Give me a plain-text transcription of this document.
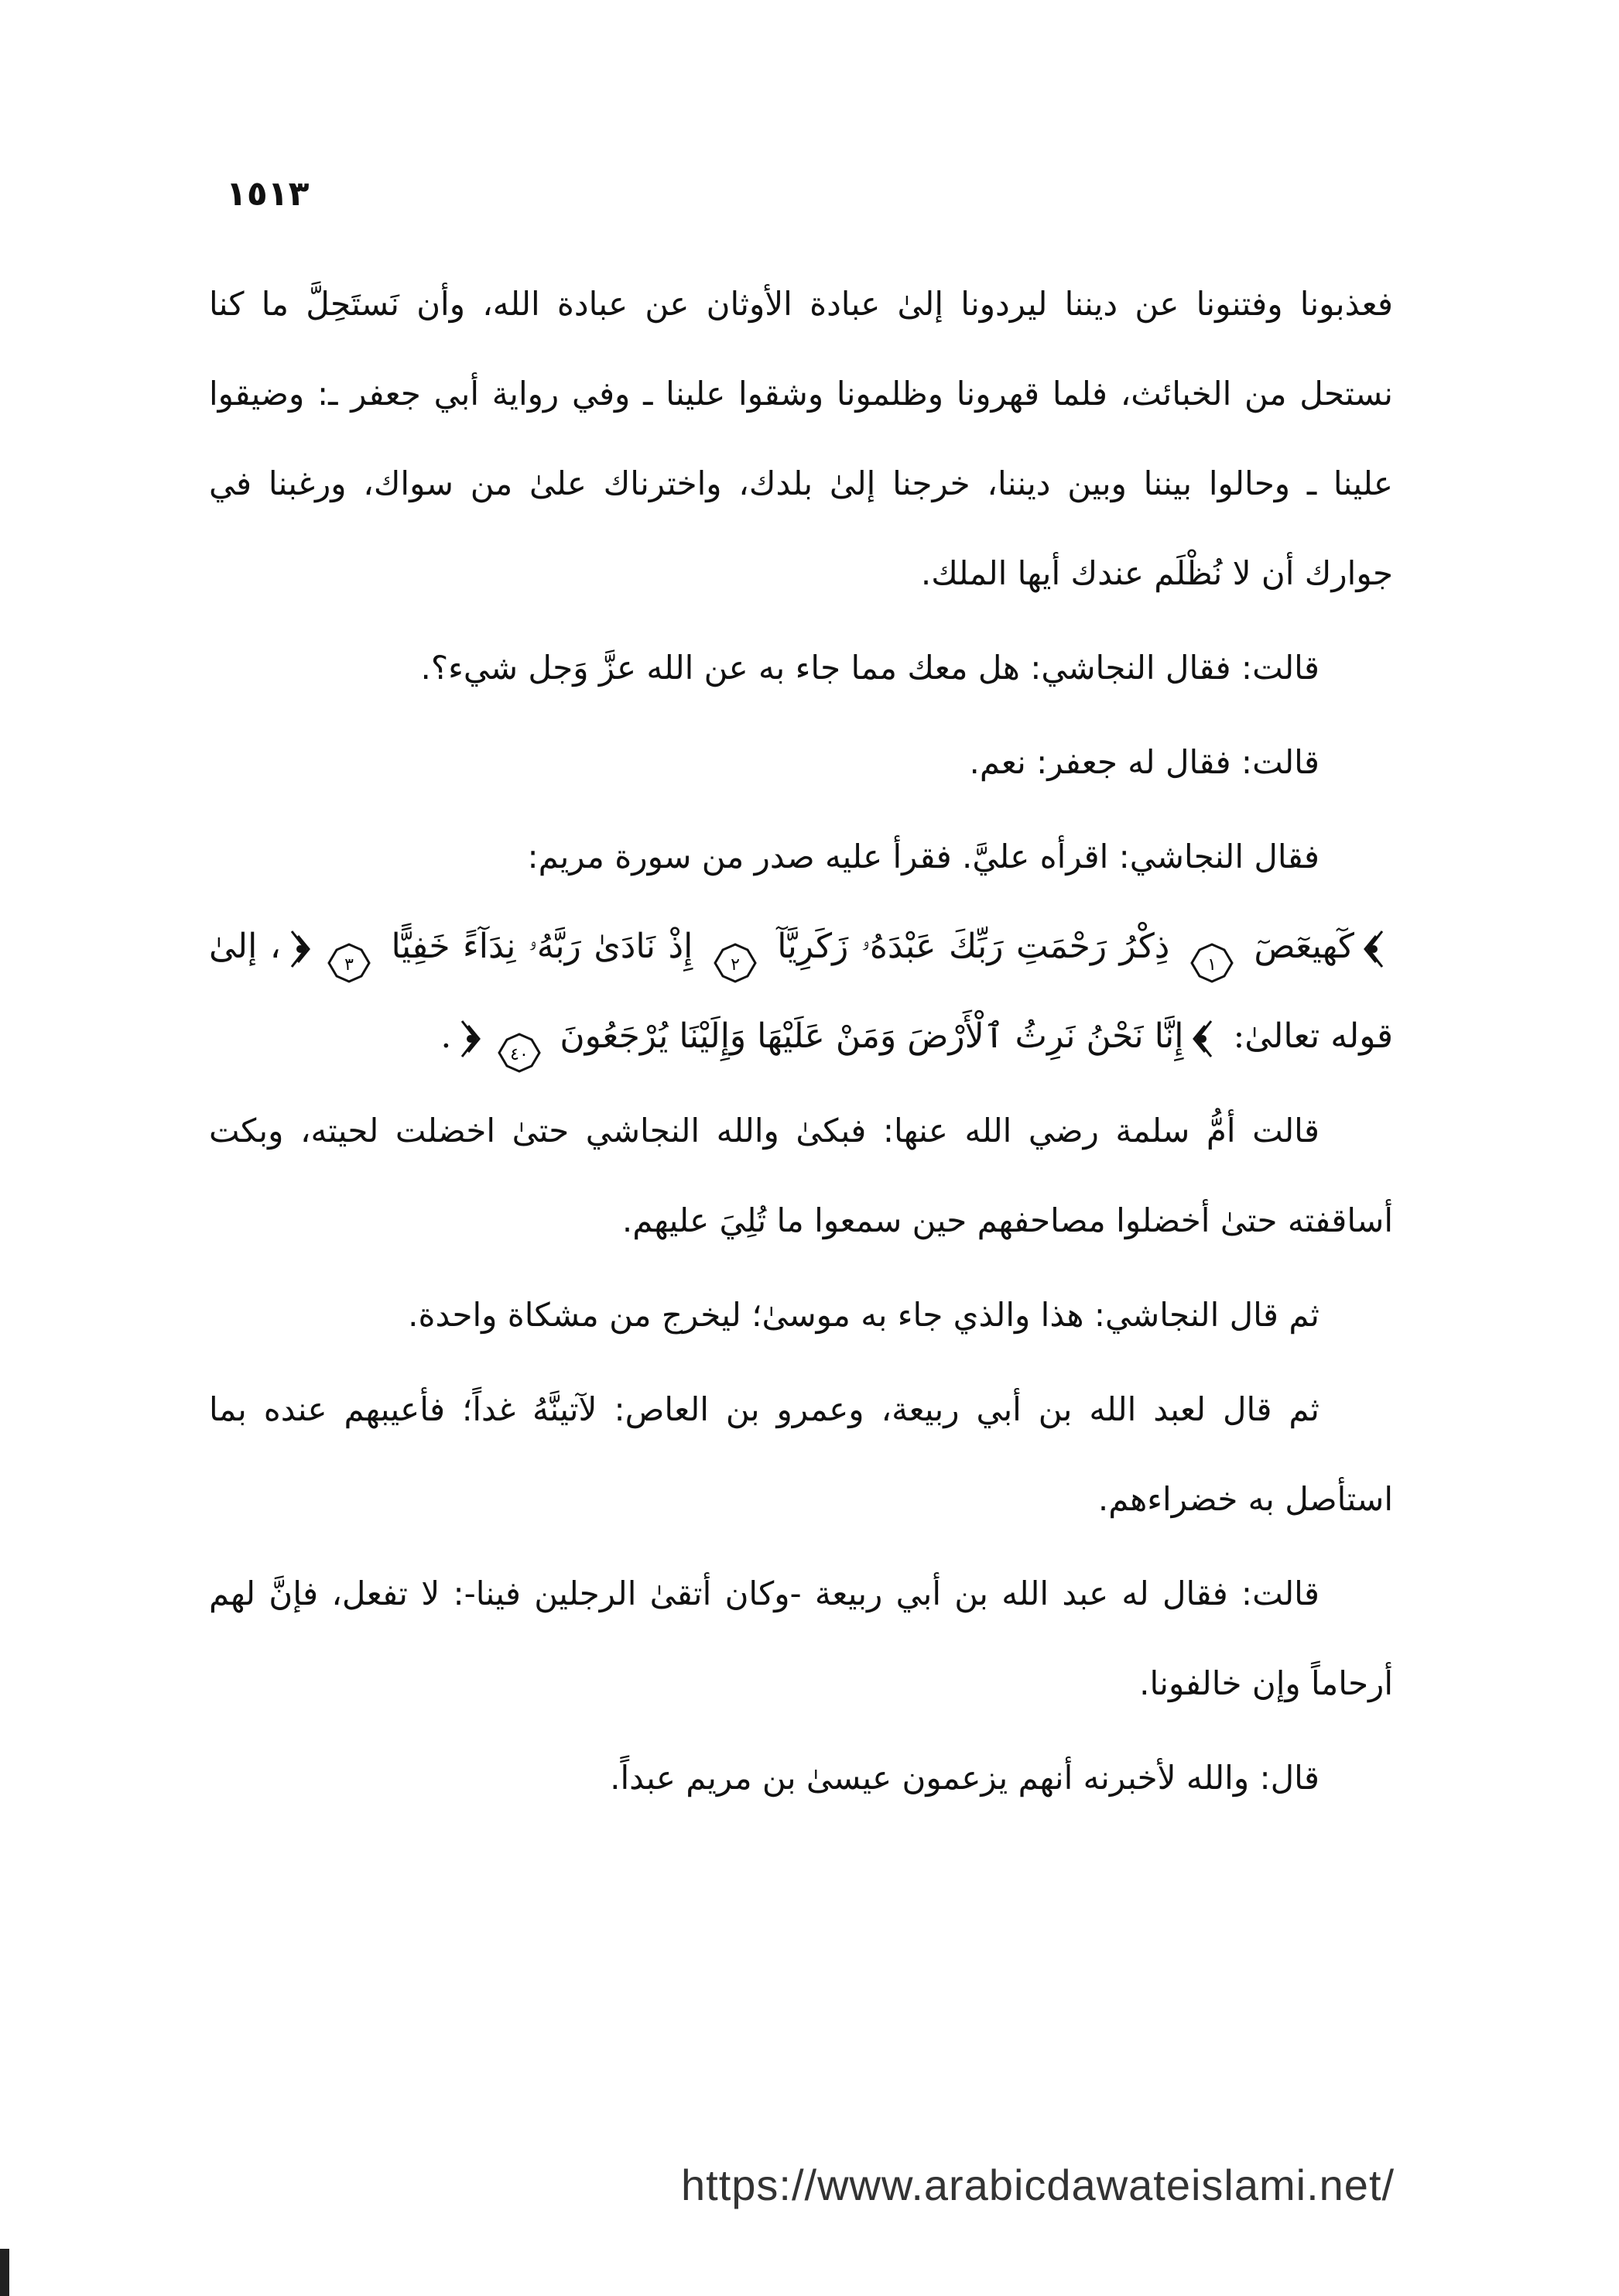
١٥١٣

فعذبونا وفتنونا عن ديننا ليردونا إلىٰ عبادة الأوثان عن عبادة الله، وأن نَستَحِلَّ ما كنا نستحل من الخبائث، فلما قهرونا وظلمونا وشقوا علينا ـ وفي رواية أبي جعفر ـ: وضيقوا علينا ـ وحالوا بيننا وبين ديننا، خرجنا إلىٰ بلدك، واخترناك علىٰ من سواك، ورغبنا في جوارك أن لا نُظْلَم عندك أيها الملك.

قالت: فقال النجاشي: هل معك مما جاء به عن الله عزَّ وَجل شيء؟.

قالت: فقال له جعفر: نعم.

فقال النجاشي: اقرأه عليَّ. فقرأ عليه صدر من سورة مريم:

كٓهيعٓصٓ
١
ذِكْرُ رَحْمَتِ رَبِّكَ عَبْدَهُۥ زَكَرِيَّآ
٢
إِذْ نَادَىٰ رَبَّهُۥ نِدَآءً خَفِيًّا
٣
، إلىٰ قوله تعالىٰ: إِنَّا نَحْنُ نَرِثُ ٱلْأَرْضَ وَمَنْ عَلَيْهَا وَإِلَيْنَا يُرْجَعُونَ
٤٠
.

قالت أمُّ سلمة رضي الله عنها: فبكىٰ والله النجاشي حتىٰ اخضلت لحيته، وبكت أساقفته حتىٰ أخضلوا مصاحفهم حين سمعوا ما تُلِيَ عليهم.

ثم قال النجاشي: هذا والذي جاء به موسىٰ؛ ليخرج من مشكاة واحدة.

ثم قال لعبد الله بن أبي ربيعة، وعمرو بن العاص: لآتينَّهُ غداً؛ فأعيبهم عنده بما استأصل به خضراءهم.

قالت: فقال له عبد الله بن أبي ربيعة -وكان أتقىٰ الرجلين فينا-: لا تفعل، فإنَّ لهم أرحاماً وإن خالفونا.

قال: والله لأخبرنه أنهم يزعمون عيسىٰ بن مريم عبداً.

https://www.arabicdawateislami.net/
